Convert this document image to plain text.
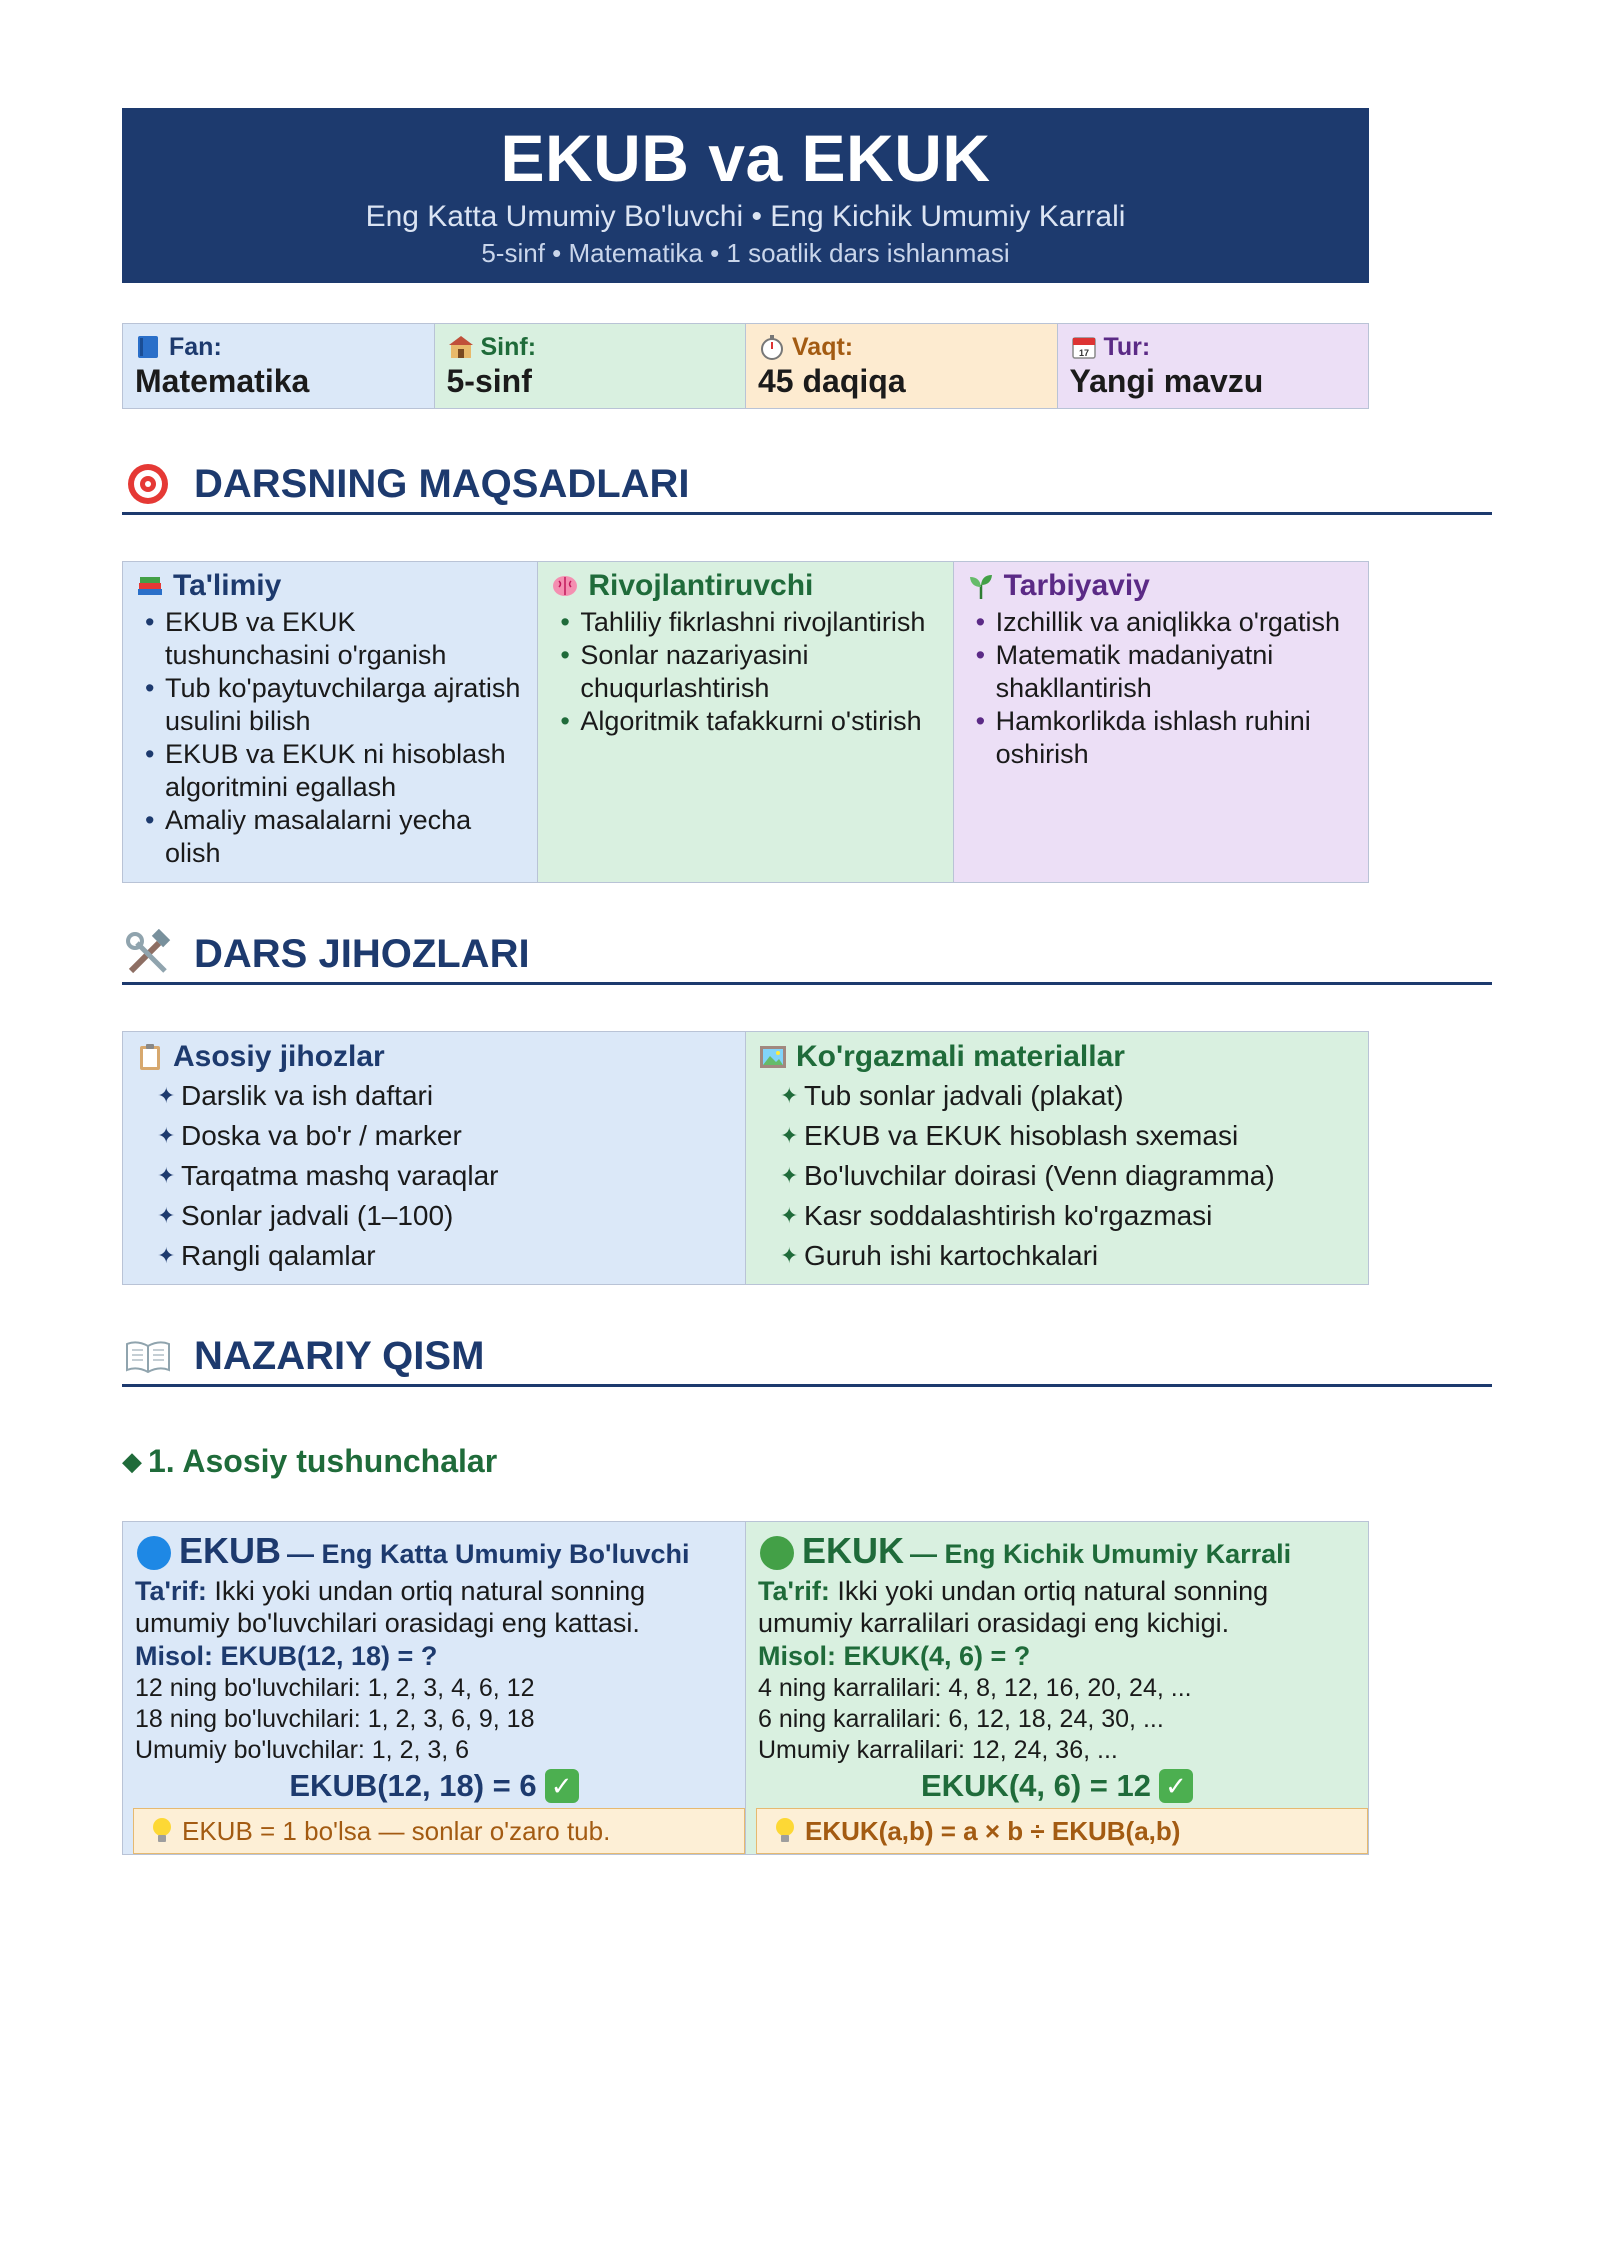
EKUB va EKUK
Eng Katta Umumiy Bo'luvchi • Eng Kichik Umumiy Karrali
5-sinf • Matematika • 1 soatlik dars ishlanmasi
Fan:
Matematika
Sinf:
5-sinf
Vaqt:
45 daqiqa
17 Tur:
Yangi mavzu
DARSNING MAQSADLARI
Ta'limiy
• EKUB va EKUK tushunchasini o'rganish
• Tub ko'paytuvchilarga ajratish usulini bilish
• EKUB va EKUK ni hisoblash algoritmini egallash
• Amaliy masalalarni yecha olish
Rivojlantiruvchi
• Tahliliy fikrlashni rivojlantirish
• Sonlar nazariyasini chuqurlashtirish
• Algoritmik tafakkurni o'stirish
Tarbiyaviy
• Izchillik va aniqlikka o'rgatish
• Matematik madaniyatni shakllantirish
• Hamkorlikda ishlash ruhini oshirish
DARS JIHOZLARI
Asosiy jihozlar
✦ Darslik va ish daftari
✦ Doska va bo'r / marker
✦ Tarqatma mashq varaqlar
✦ Sonlar jadvali (1–100)
✦ Rangli qalamlar
Ko'rgazmali materiallar
✦ Tub sonlar jadvali (plakat)
✦ EKUB va EKUK hisoblash sxemasi
✦ Bo'luvchilar doirasi (Venn diagramma)
✦ Kasr soddalashtirish ko'rgazmasi
✦ Guruh ishi kartochkalari
NAZARIY QISM
◆ 1. Asosiy tushunchalar
EKUB — Eng Katta Umumiy Bo'luvchi
Ta'rif: Ikki yoki undan ortiq natural sonning umumiy bo'luvchilari orasidagi eng kattasi.
Misol: EKUB(12, 18) = ?
12 ning bo'luvchilari: 1, 2, 3, 4, 6, 12
18 ning bo'luvchilari: 1, 2, 3, 6, 9, 18
Umumiy bo'luvchilar: 1, 2, 3, 6
EKUB(12, 18) = 6 ✓
EKUB = 1 bo'lsa — sonlar o'zaro tub.
EKUK — Eng Kichik Umumiy Karrali
Ta'rif: Ikki yoki undan ortiq natural sonning umumiy karralilari orasidagi eng kichigi.
Misol: EKUK(4, 6) = ?
4 ning karralilari: 4, 8, 12, 16, 20, 24, ...
6 ning karralilari: 6, 12, 18, 24, 30, ...
Umumiy karralilari: 12, 24, 36, ...
EKUK(4, 6) = 12 ✓
EKUK(a,b) = a × b ÷ EKUB(a,b)
